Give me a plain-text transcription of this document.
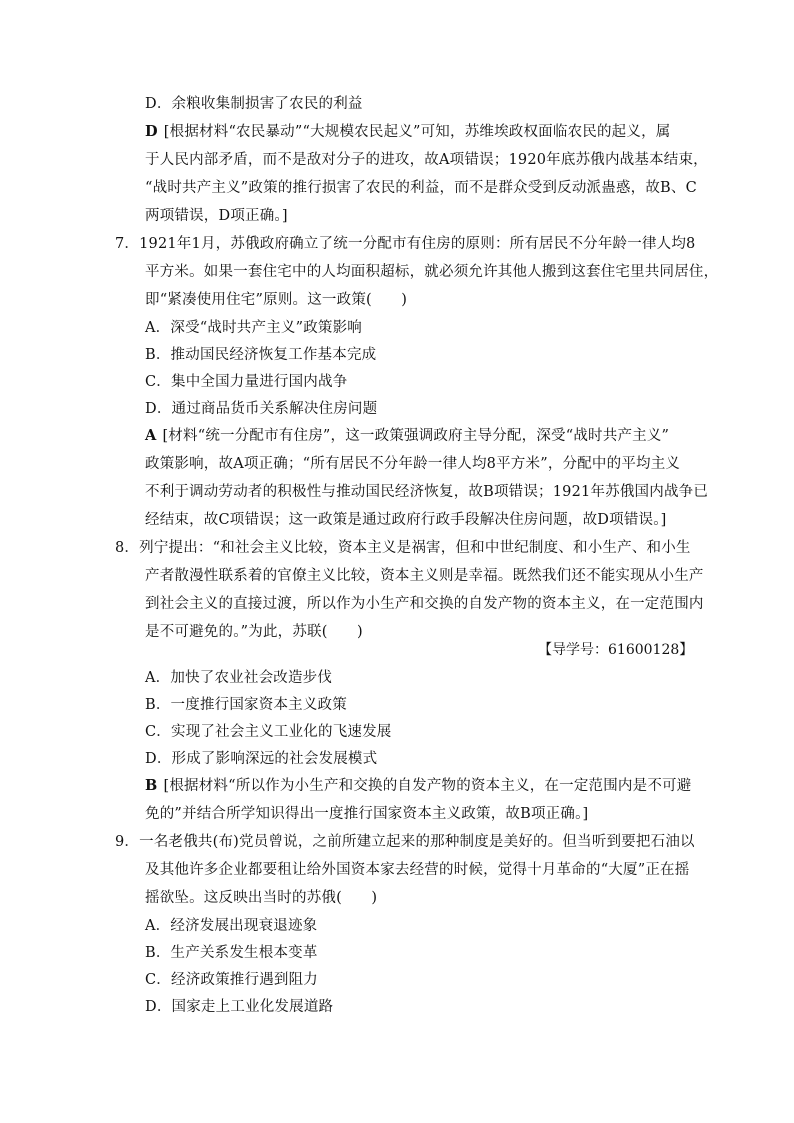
D．余粮收集制损害了农民的利益
D [根据材料“农民暴动”“大规模农民起义”可知，苏维埃政权面临农民的起义，属
于人民内部矛盾，而不是敌对分子的进攻，故A项错误；1920年底苏俄内战基本结束，
“战时共产主义”政策的推行损害了农民的利益，而不是群众受到反动派蛊惑，故B、C
两项错误，D项正确。]
7．1921年1月，苏俄政府确立了统一分配市有住房的原则：所有居民不分年龄一律人均8
平方米。如果一套住宅中的人均面积超标，就必须允许其他人搬到这套住宅里共同居住，
即“紧凑使用住宅”原则。这一政策(　　)
A．深受“战时共产主义”政策影响
B．推动国民经济恢复工作基本完成
C．集中全国力量进行国内战争
D．通过商品货币关系解决住房问题
A [材料“统一分配市有住房”，这一政策强调政府主导分配，深受“战时共产主义”
政策影响，故A项正确；“所有居民不分年龄一律人均8平方米”，分配中的平均主义
不利于调动劳动者的积极性与推动国民经济恢复，故B项错误；1921年苏俄国内战争已
经结束，故C项错误；这一政策是通过政府行政手段解决住房问题，故D项错误。]
8．列宁提出：“和社会主义比较，资本主义是祸害，但和中世纪制度、和小生产、和小生
产者散漫性联系着的官僚主义比较，资本主义则是幸福。既然我们还不能实现从小生产
到社会主义的直接过渡，所以作为小生产和交换的自发产物的资本主义，在一定范围内
是不可避免的。”为此，苏联(　　)
【导学号：61600128】
A．加快了农业社会改造步伐
B．一度推行国家资本主义政策
C．实现了社会主义工业化的飞速发展
D．形成了影响深远的社会发展模式
B [根据材料“所以作为小生产和交换的自发产物的资本主义，在一定范围内是不可避
免的”并结合所学知识得出一度推行国家资本主义政策，故B项正确。]
9．一名老俄共(布)党员曾说，之前所建立起来的那种制度是美好的。但当听到要把石油以
及其他许多企业都要租让给外国资本家去经营的时候，觉得十月革命的“大厦”正在摇
摇欲坠。这反映出当时的苏俄(　　)
A．经济发展出现衰退迹象
B．生产关系发生根本变革
C．经济政策推行遇到阻力
D．国家走上工业化发展道路
